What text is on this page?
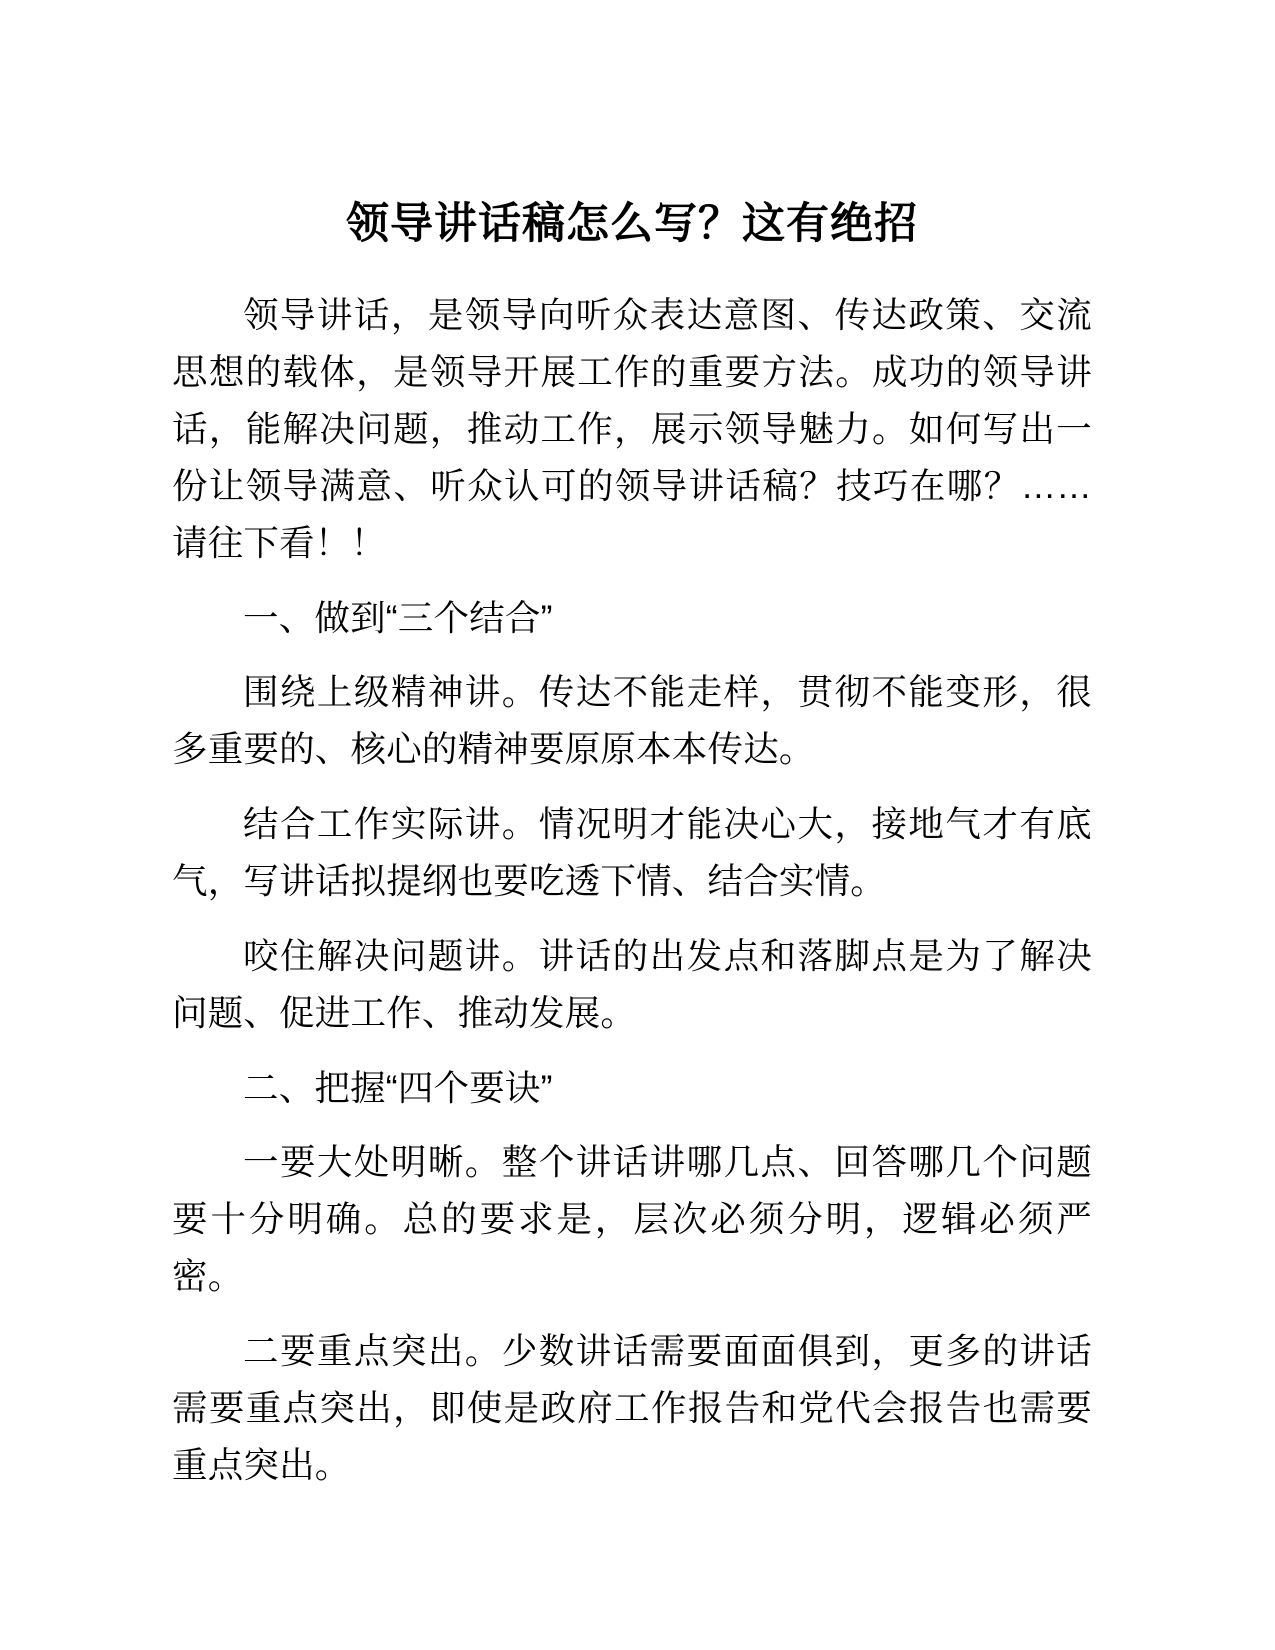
领导讲话稿怎么写？这有绝招

领导讲话，是领导向听众表达意图、传达政策、交流思想的载体，是领导开展工作的重要方法。成功的领导讲话，能解决问题，推动工作，展示领导魅力。如何写出一份让领导满意、听众认可的领导讲话稿？技巧在哪？……请往下看！！

一、做到“三个结合”

围绕上级精神讲。传达不能走样，贯彻不能变形，很多重要的、核心的精神要原原本本传达。

结合工作实际讲。情况明才能决心大，接地气才有底气，写讲话拟提纲也要吃透下情、结合实情。

咬住解决问题讲。讲话的出发点和落脚点是为了解决问题、促进工作、推动发展。

二、把握“四个要诀”

一要大处明晰。整个讲话讲哪几点、回答哪几个问题要十分明确。总的要求是，层次必须分明，逻辑必须严密。

二要重点突出。少数讲话需要面面俱到，更多的讲话需要重点突出，即使是政府工作报告和党代会报告也需要重点突出。
